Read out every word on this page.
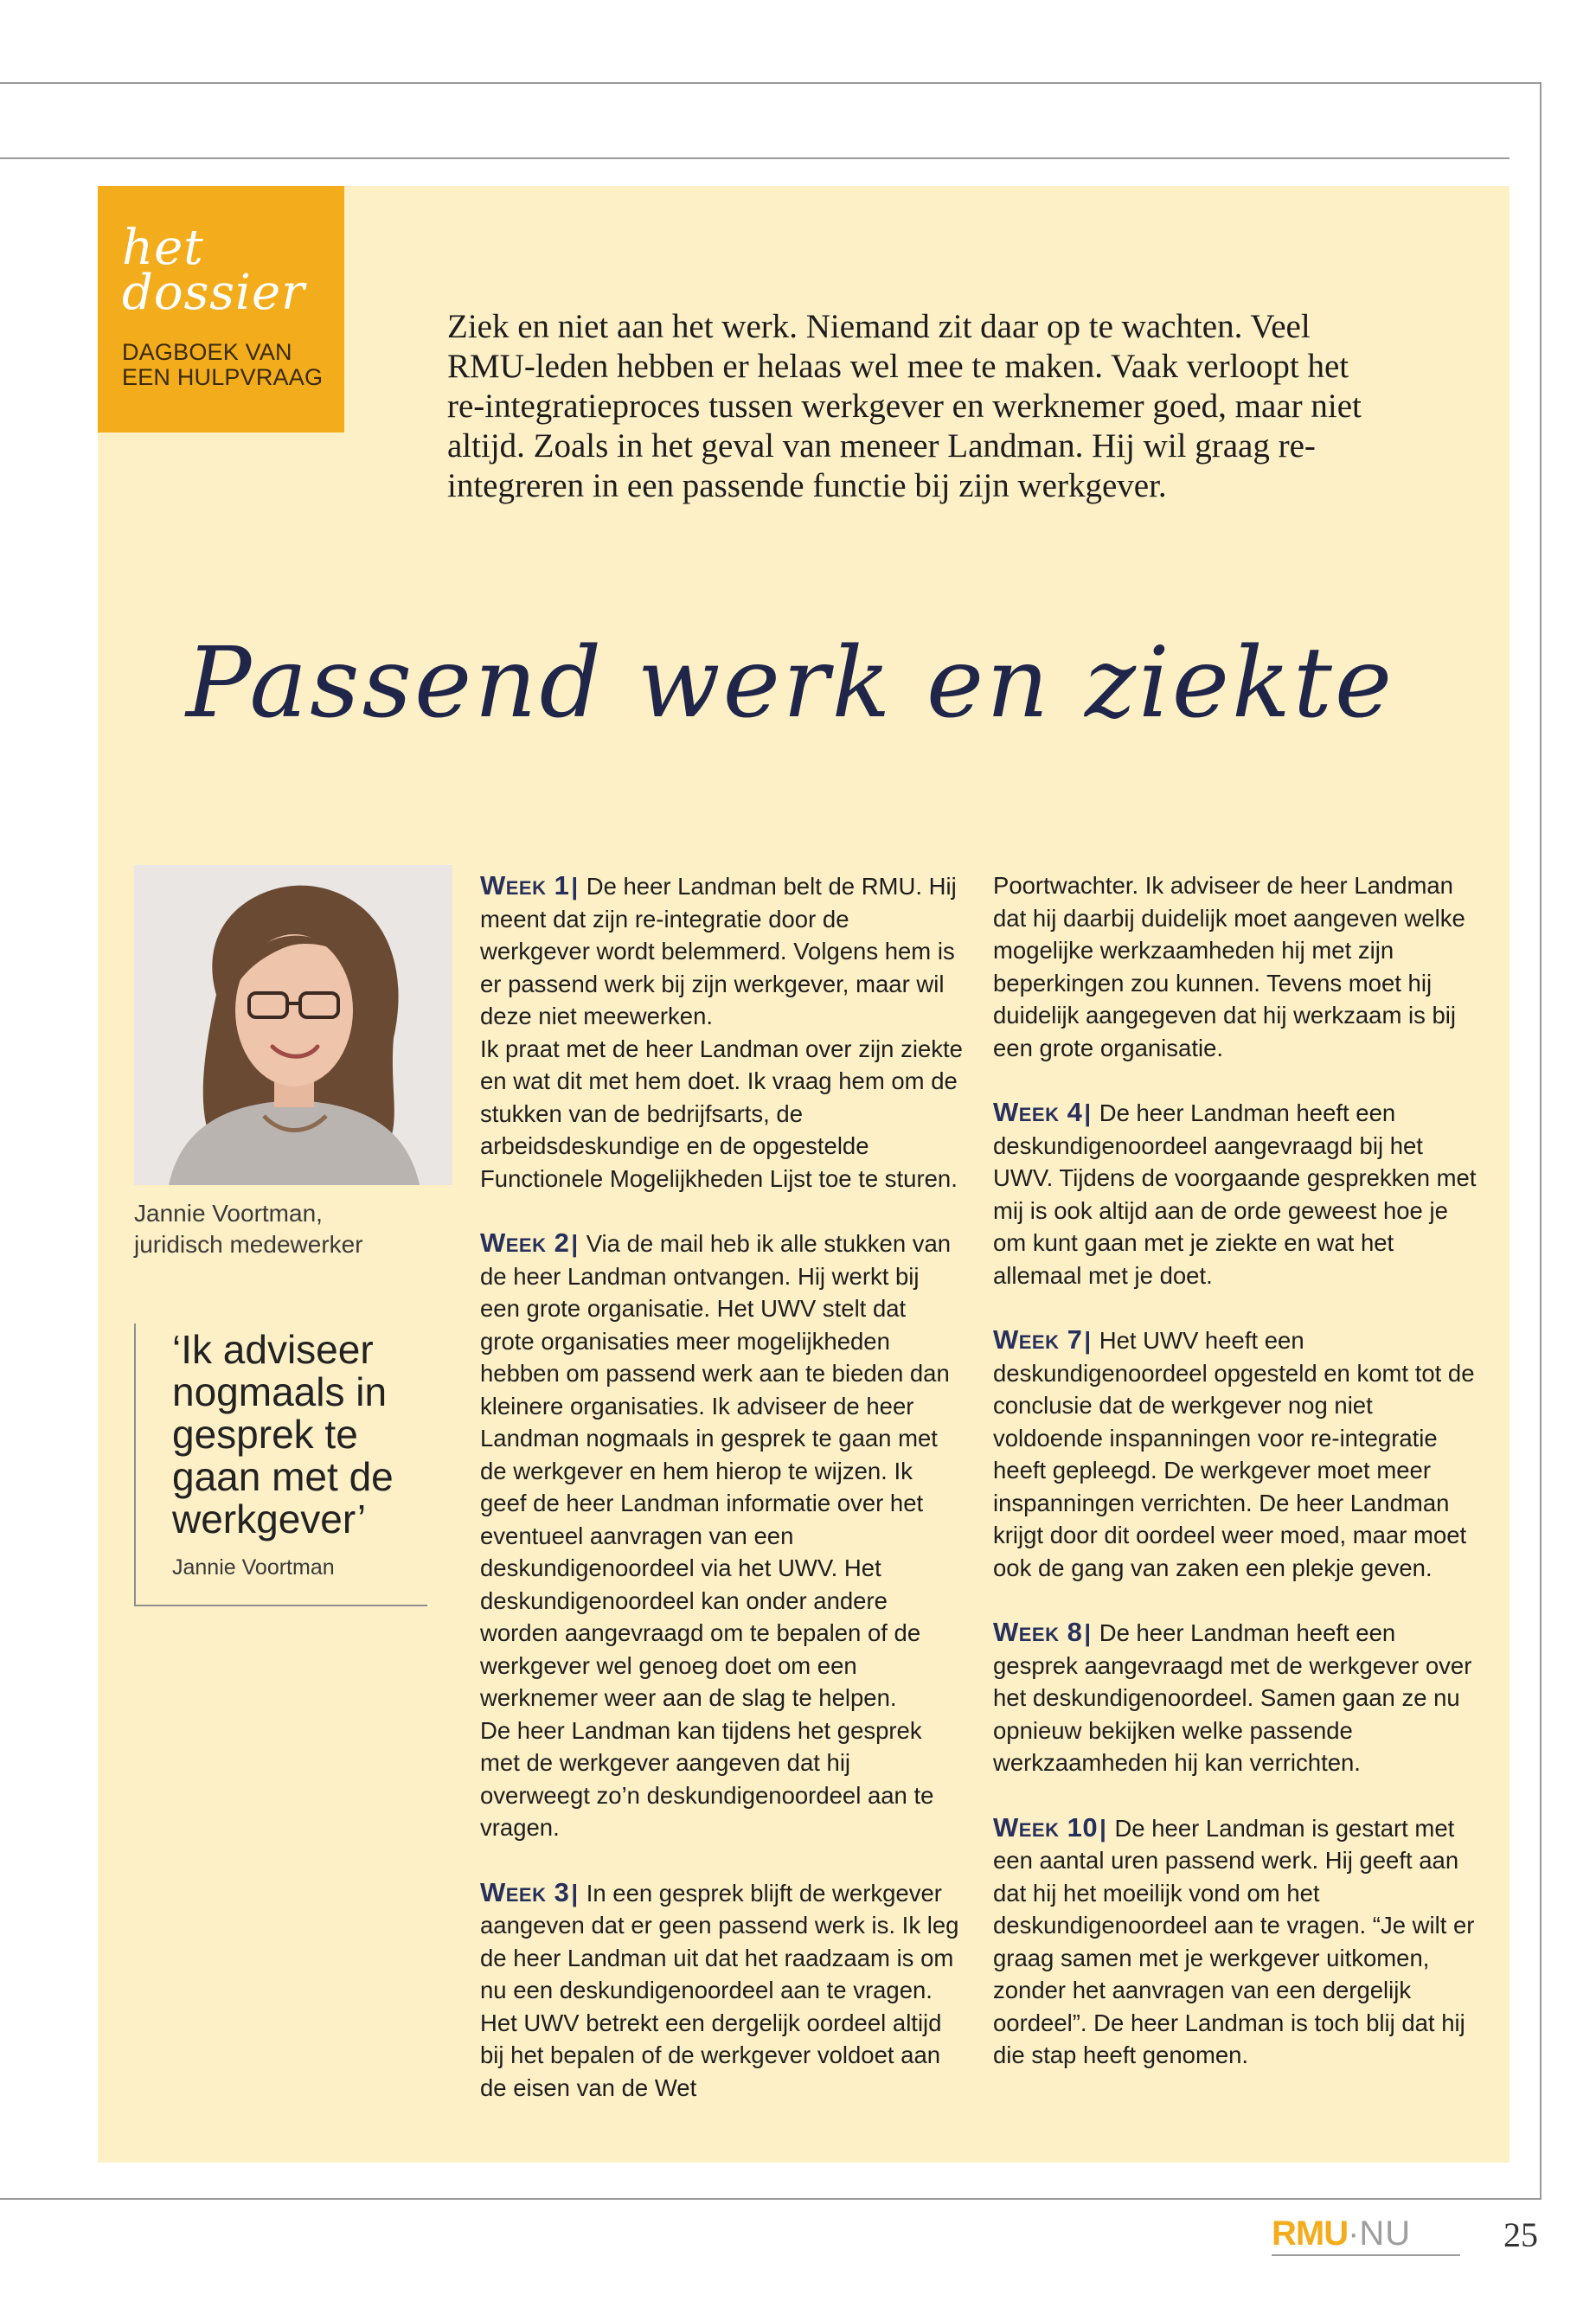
het
dossier
DAGBOEK VAN
EEN HULPVRAAG

Ziek en niet aan het werk. Niemand zit daar op te wachten. Veel RMU-leden hebben er helaas wel mee te maken. Vaak verloopt het re-integratieproces tussen werkgever en werknemer goed, maar niet altijd. Zoals in het geval van meneer Landman. Hij wil graag re-integreren in een passende functie bij zijn werkgever.

Passend werk en ziekte
Jannie Voortman,
juridisch medewerker
‘Ik adviseer nogmaals in gesprek te gaan met de werkgever’
Jannie Voortman

Week 1| De heer Landman belt de RMU. Hij meent dat zijn re-integratie door de werkgever wordt belemmerd. Volgens hem is er passend werk bij zijn werkgever, maar wil deze niet meewerken.
Ik praat met de heer Landman over zijn ziekte en wat dit met hem doet. Ik vraag hem om de stukken van de bedrijfsarts, de arbeidsdeskundige en de opgestelde Functionele Mogelijkheden Lijst toe te sturen.

Week 2| Via de mail heb ik alle stukken van de heer Landman ontvangen. Hij werkt bij een grote organisatie. Het UWV stelt dat grote organisaties meer mogelijkheden hebben om passend werk aan te bieden dan kleinere organisaties. Ik adviseer de heer Landman nogmaals in gesprek te gaan met de werkgever en hem hierop te wijzen. Ik geef de heer Landman informatie over het eventueel aanvragen van een deskundigenoordeel via het UWV. Het deskundigenoordeel kan onder andere worden aangevraagd om te bepalen of de werkgever wel genoeg doet om een werknemer weer aan de slag te helpen.
De heer Landman kan tijdens het gesprek met de werkgever aangeven dat hij overweegt zo’n deskundigenoordeel aan te vragen.

Week 3| In een gesprek blijft de werkgever aangeven dat er geen passend werk is. Ik leg de heer Landman uit dat het raadzaam is om nu een deskundigenoordeel aan te vragen. Het UWV betrekt een dergelijk oordeel altijd bij het bepalen of de werkgever voldoet aan de eisen van de Wet

Poortwachter. Ik adviseer de heer Landman dat hij daarbij duidelijk moet aangeven welke mogelijke werkzaamheden hij met zijn beperkingen zou kunnen. Tevens moet hij duidelijk aangegeven dat hij werkzaam is bij een grote organisatie.

Week 4| De heer Landman heeft een deskundigenoordeel aangevraagd bij het UWV. Tijdens de voorgaande gesprekken met mij is ook altijd aan de orde geweest hoe je om kunt gaan met je ziekte en wat het allemaal met je doet.

Week 7| Het UWV heeft een deskundigenoordeel opgesteld en komt tot de conclusie dat de werkgever nog niet voldoende inspanningen voor re-integratie heeft gepleegd. De werkgever moet meer inspanningen verrichten. De heer Landman krijgt door dit oordeel weer moed, maar moet ook de gang van zaken een plekje geven.

Week 8| De heer Landman heeft een gesprek aangevraagd met de werkgever over het deskundigenoordeel. Samen gaan ze nu opnieuw bekijken welke passende werkzaamheden hij kan verrichten.

Week 10| De heer Landman is gestart met een aantal uren passend werk. Hij geeft aan dat hij het moeilijk vond om het deskundigenoordeel aan te vragen. “Je wilt er graag samen met je werkgever uitkomen, zonder het aanvragen van een dergelijk oordeel”. De heer Landman is toch blij dat hij die stap heeft genomen.

RMU·NU	25
